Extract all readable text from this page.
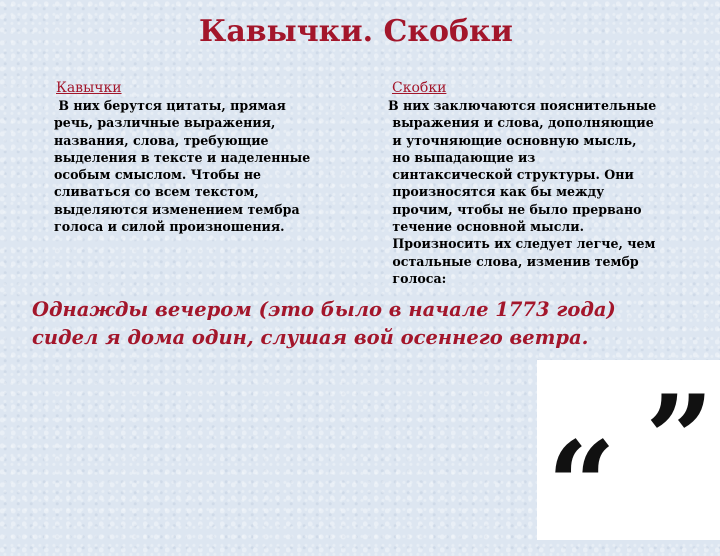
Кавычки. Скобки

Кавычки

В них берутся цитаты, прямая
речь, различные выражения,
названия, слова, требующие
выделения в тексте и наделенные
особым смыслом. Чтобы не
сливаться со всем текстом,
выделяются изменением тембра
голоса и силой произношения.

Скобки

В них заключаются пояснительные
выражения и слова, дополняющие
и уточняющие основную мысль,
но выпадающие из
синтаксической структуры. Они
произносятся как бы между
прочим, чтобы не было прервано
течение основной мысли.
Произносить их следует легче, чем
остальные слова, изменив тембр
голоса:

Однажды вечером (это было в начале 1773 года)
сидел я дома один, слушая вой осеннего ветра.

”
“
